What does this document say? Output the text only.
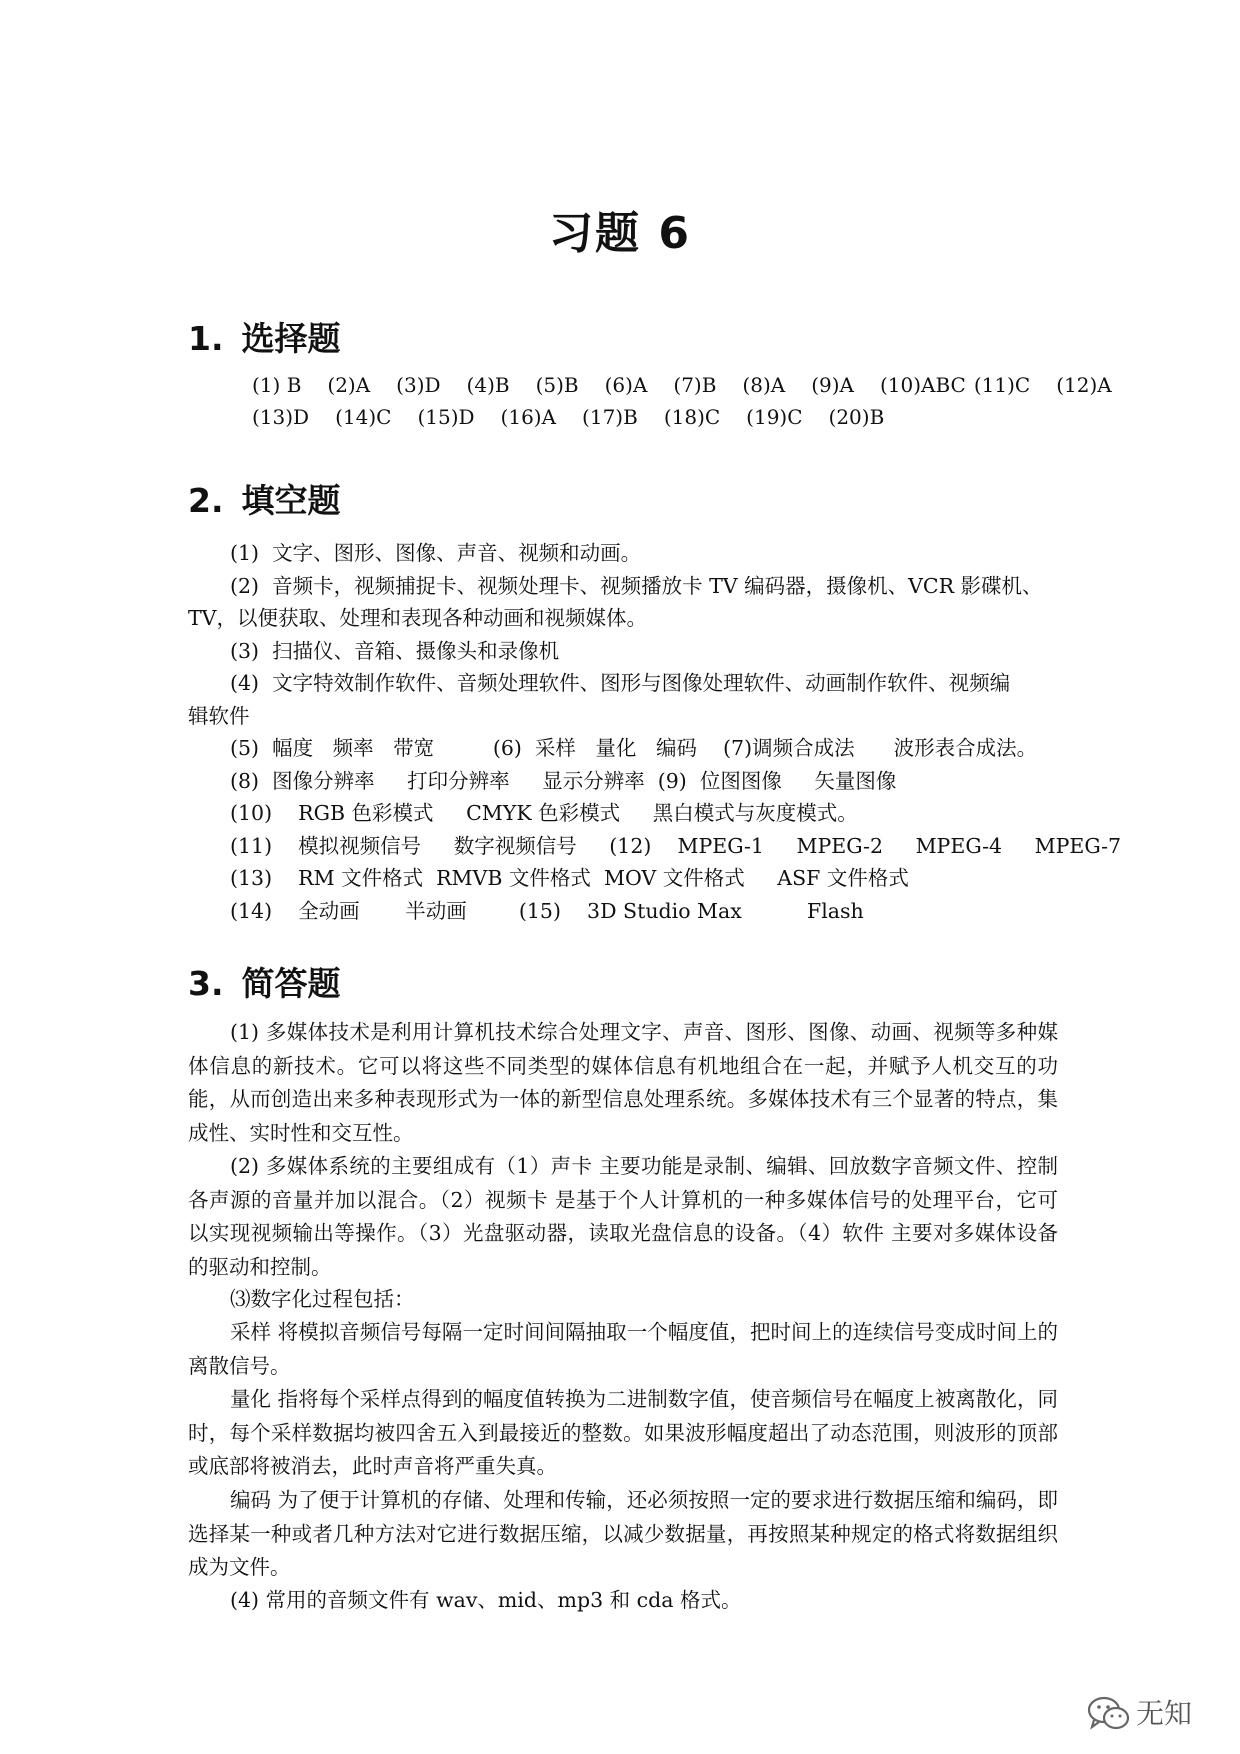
习题 6
1. 选择题
(1) B (2)A (3)D (4)B (5)B (6)A (7)B (8)A (9)A (10)ABC (11)C (12)A
(13)D (14)C (15)D (16)A (17)B (18)C (19)C (20)B
2. 填空题
(1)  文字、图形、图像、声音、视频和动画。
(2)  音频卡，视频捕捉卡、视频处理卡、视频播放卡 TV 编码器，摄像机、VCR 影碟机、
TV，以便获取、处理和表现各种动画和视频媒体。
(3)  扫描仪、音箱、摄像头和录像机
(4)  文字特效制作软件、音频处理软件、图形与图像处理软件、动画制作软件、视频编
辑软件
(5)  幅度   频率   带宽         (6)  采样   量化   编码    (7)调频合成法      波形表合成法。
(8)  图像分辨率     打印分辨率     显示分辨率  (9)  位图图像     矢量图像
(10)    RGB 色彩模式     CMYK 色彩模式     黑白模式与灰度模式。
(11)    模拟视频信号     数字视频信号     (12)    MPEG-1     MPEG-2     MPEG-4     MPEG-7
(13)    RM 文件格式  RMVB 文件格式  MOV 文件格式     ASF 文件格式
(14)    全动画       半动画        (15)    3D Studio Max          Flash
3. 简答题
(1) 多媒体技术是利用计算机技术综合处理文字、声音、图形、图像、动画、视频等多种媒体信息的新技术。它可以将这些不同类型的媒体信息有机地组合在一起，并赋予人机交互的功能，从而创造出来多种表现形式为一体的新型信息处理系统。多媒体技术有三个显著的特点，集成性、实时性和交互性。
(2) 多媒体系统的主要组成有（1）声卡 主要功能是录制、编辑、回放数字音频文件、控制各声源的音量并加以混合。（2）视频卡 是基于个人计算机的一种多媒体信号的处理平台，它可以实现视频输出等操作。（3）光盘驱动器，读取光盘信息的设备。（4）软件 主要对多媒体设备的驱动和控制。
⑶数字化过程包括：
采样 将模拟音频信号每隔一定时间间隔抽取一个幅度值，把时间上的连续信号变成时间上的离散信号。
量化 指将每个采样点得到的幅度值转换为二进制数字值，使音频信号在幅度上被离散化，同时，每个采样数据均被四舍五入到最接近的整数。如果波形幅度超出了动态范围，则波形的顶部或底部将被消去，此时声音将严重失真。
编码 为了便于计算机的存储、处理和传输，还必须按照一定的要求进行数据压缩和编码，即选择某一种或者几种方法对它进行数据压缩，以减少数据量，再按照某种规定的格式将数据组织成为文件。
(4) 常用的音频文件有 wav、mid、mp3 和 cda 格式。
无知
